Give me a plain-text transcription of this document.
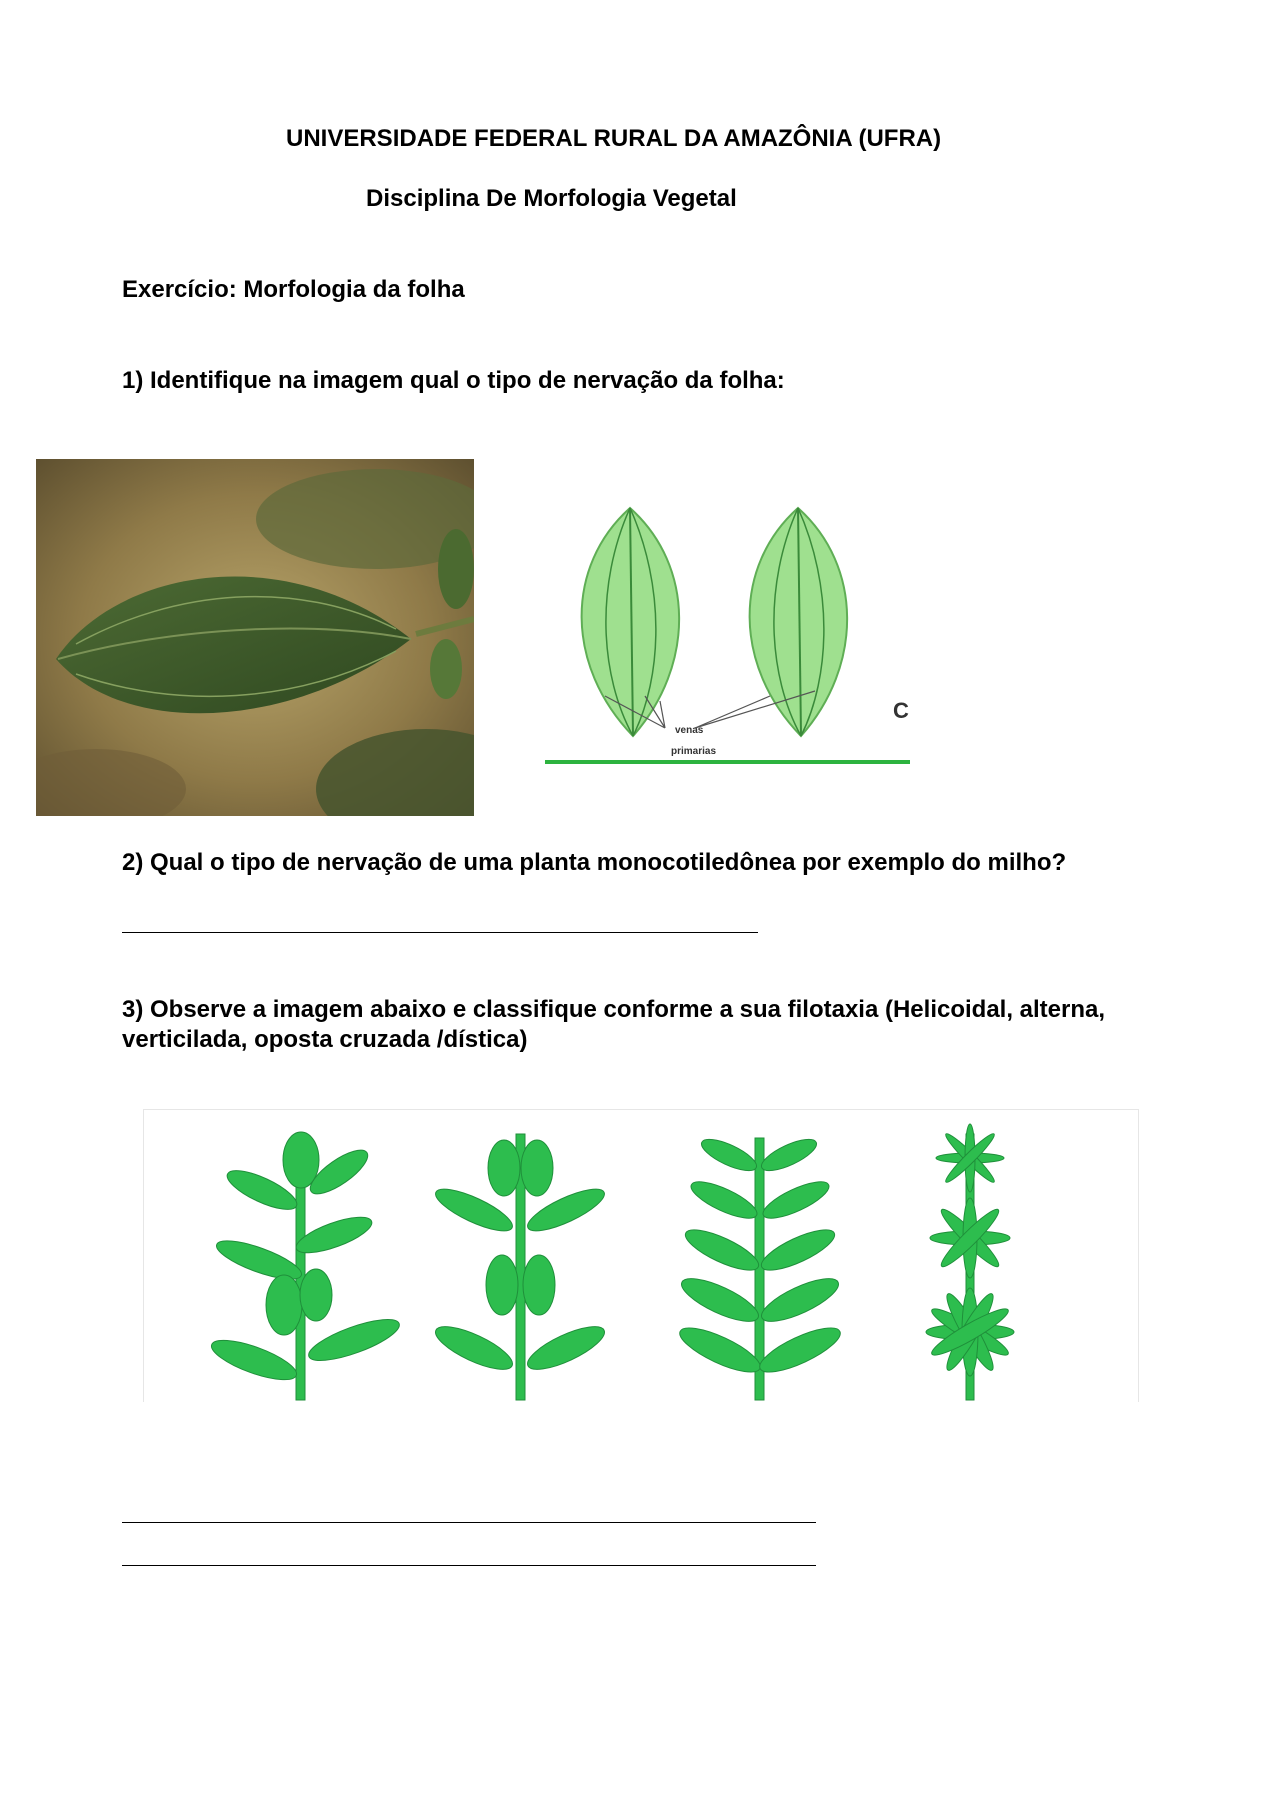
UNIVERSIDADE FEDERAL RURAL DA AMAZÔNIA (UFRA)
Disciplina De Morfologia Vegetal
Exercício: Morfologia da folha
1) Identifique na imagem qual o tipo de nervação da folha:
venas
primarias
C
2) Qual o tipo de nervação de uma planta monocotiledônea por exemplo do milho?
3) Observe a imagem abaixo e classifique conforme a sua filotaxia (Helicoidal, alterna, verticilada, oposta cruzada /dística)
